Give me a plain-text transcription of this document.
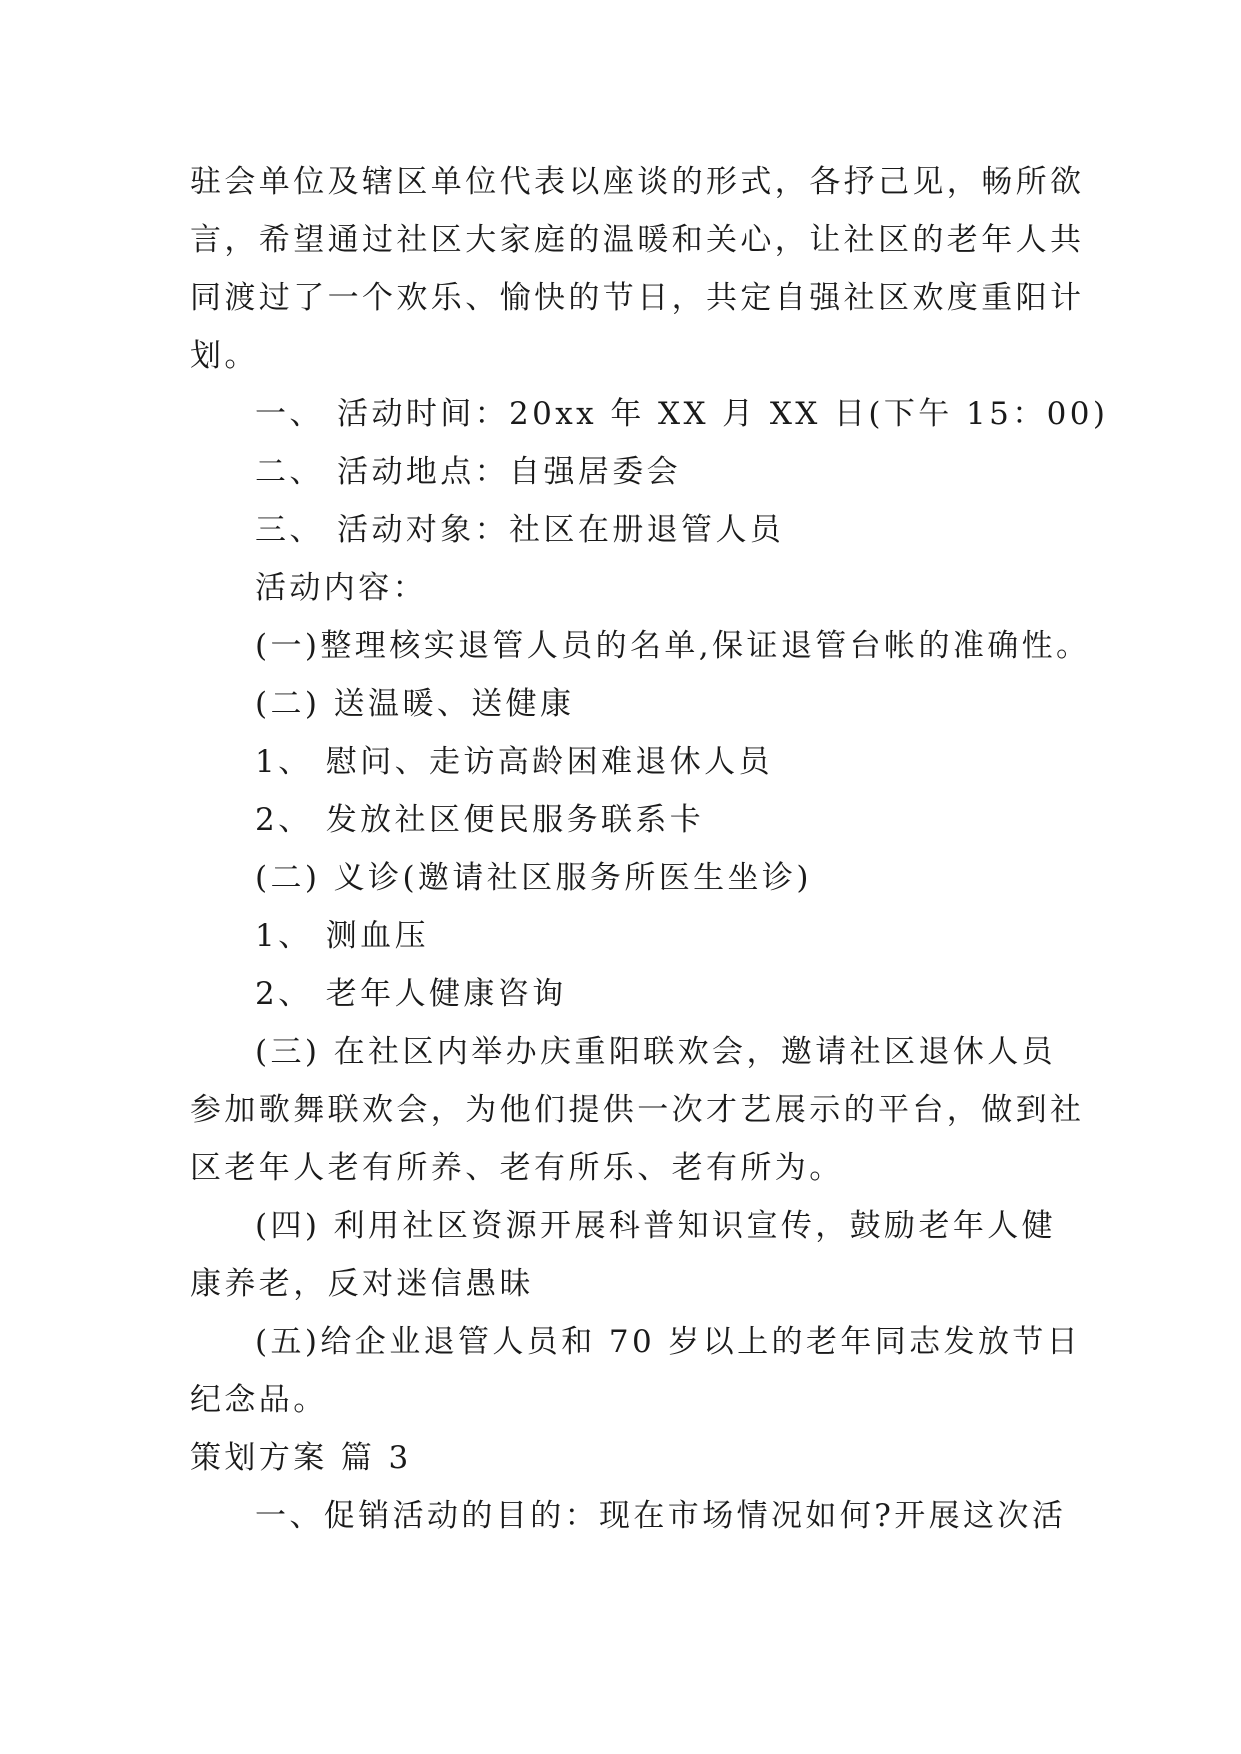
驻会单位及辖区单位代表以座谈的形式，各抒己见，畅所欲
言，希望通过社区大家庭的温暖和关心，让社区的老年人共
同渡过了一个欢乐、愉快的节日，共定自强社区欢度重阳计
划。
一、 活动时间：20xx 年 XX 月 XX 日(下午 15：00)
二、 活动地点：自强居委会
三、 活动对象：社区在册退管人员
活动内容：
(一)整理核实退管人员的名单,保证退管台帐的准确性。
(二) 送温暖、送健康
1、 慰问、走访高龄困难退休人员
2、 发放社区便民服务联系卡
(二) 义诊(邀请社区服务所医生坐诊)
1、 测血压
2、 老年人健康咨询
(三) 在社区内举办庆重阳联欢会，邀请社区退休人员
参加歌舞联欢会，为他们提供一次才艺展示的平台，做到社
区老年人老有所养、老有所乐、老有所为。
(四) 利用社区资源开展科普知识宣传，鼓励老年人健
康养老，反对迷信愚昧
(五)给企业退管人员和 70 岁以上的老年同志发放节日
纪念品。
策划方案 篇 3
一、促销活动的目的：现在市场情况如何?开展这次活
